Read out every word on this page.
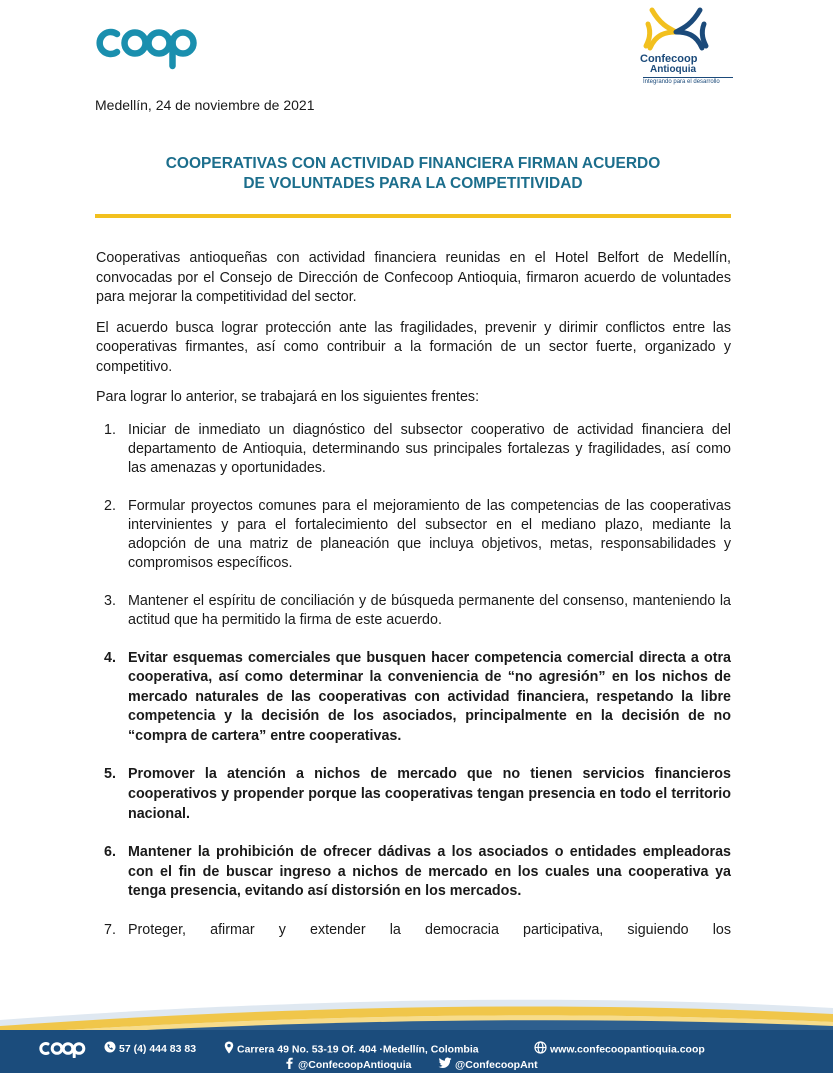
Confecoop
Antioquia
Integrando para el desarrollo
Medellín, 24 de noviembre de 2021
COOPERATIVAS CON ACTIVIDAD FINANCIERA FIRMAN ACUERDO
DE VOLUNTADES PARA LA COMPETITIVIDAD

Cooperativas antioqueñas con actividad financiera reunidas en el Hotel Belfort de Medellín, convocadas por el Consejo de Dirección de Confecoop Antioquia, firmaron acuerdo de voluntades para mejorar la competitividad del sector.

El acuerdo busca lograr protección ante las fragilidades, prevenir y dirimir conflictos entre las cooperativas firmantes, así como contribuir a la formación de un sector fuerte, organizado y competitivo.

Para lograr lo anterior, se trabajará en los siguientes frentes:

1. Iniciar de inmediato un diagnóstico del subsector cooperativo de actividad financiera del departamento de Antioquia, determinando sus principales fortalezas y fragilidades, así como las amenazas y oportunidades.
2. Formular proyectos comunes para el mejoramiento de las competencias de las cooperativas intervinientes y para el fortalecimiento del subsector en el mediano plazo, mediante la adopción de una matriz de planeación que incluya objetivos, metas, responsabilidades y compromisos específicos.
3. Mantener el espíritu de conciliación y de búsqueda permanente del consenso, manteniendo la actitud que ha permitido la firma de este acuerdo.
4. Evitar esquemas comerciales que busquen hacer competencia comercial directa a otra cooperativa, así como determinar la conveniencia de “no agresión” en los nichos de mercado naturales de las cooperativas con actividad financiera, respetando la libre competencia y la decisión de los asociados, principalmente en la decisión de no “compra de cartera” entre cooperativas.
5. Promover la atención a nichos de mercado que no tienen servicios financieros cooperativos y propender porque las cooperativas tengan presencia en todo el territorio nacional.
6. Mantener la prohibición de ofrecer dádivas a los asociados o entidades empleadoras con el fin de buscar ingreso a nichos de mercado en los cuales una cooperativa ya tenga presencia, evitando así distorsión en los mercados.
7. Proteger, afirmar y extender la democracia participativa, siguiendo los
57 (4) 444 83 83	Carrera 49 No. 53-19 Of. 404 ·Medellín, Colombia	www.confecoopantioquia.coop
@ConfecoopAntioquia	@ConfecoopAnt
